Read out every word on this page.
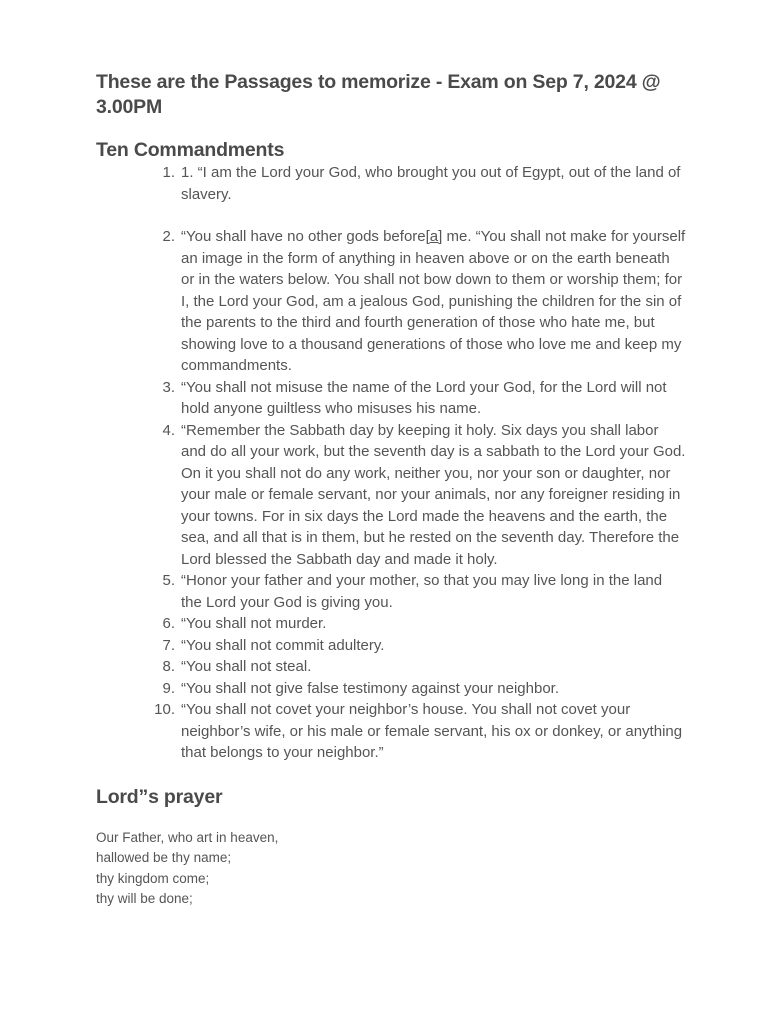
These are the Passages to memorize - Exam on Sep 7, 2024 @ 3.00PM
Ten Commandments
1. 1. “I am the Lord your God, who brought you out of Egypt, out of the land of slavery.
2. “You shall have no other gods before[a] me. “You shall not make for yourself an image in the form of anything in heaven above or on the earth beneath or in the waters below. You shall not bow down to them or worship them; for I, the Lord your God, am a jealous God, punishing the children for the sin of the parents to the third and fourth generation of those who hate me, but showing love to a thousand generations of those who love me and keep my commandments.
3. “You shall not misuse the name of the Lord your God, for the Lord will not hold anyone guiltless who misuses his name.
4. “Remember the Sabbath day by keeping it holy. Six days you shall labor and do all your work, but the seventh day is a sabbath to the Lord your God. On it you shall not do any work, neither you, nor your son or daughter, nor your male or female servant, nor your animals, nor any foreigner residing in your towns. For in six days the Lord made the heavens and the earth, the sea, and all that is in them, but he rested on the seventh day. Therefore the Lord blessed the Sabbath day and made it holy.
5. “Honor your father and your mother, so that you may live long in the land the Lord your God is giving you.
6. “You shall not murder.
7. “You shall not commit adultery.
8. “You shall not steal.
9. “You shall not give false testimony against your neighbor.
10. “You shall not covet your neighbor’s house. You shall not covet your neighbor’s wife, or his male or female servant, his ox or donkey, or anything that belongs to your neighbor.”
Lord”s prayer
Our Father, who art in heaven,
hallowed be thy name;
thy kingdom come;
thy will be done;
